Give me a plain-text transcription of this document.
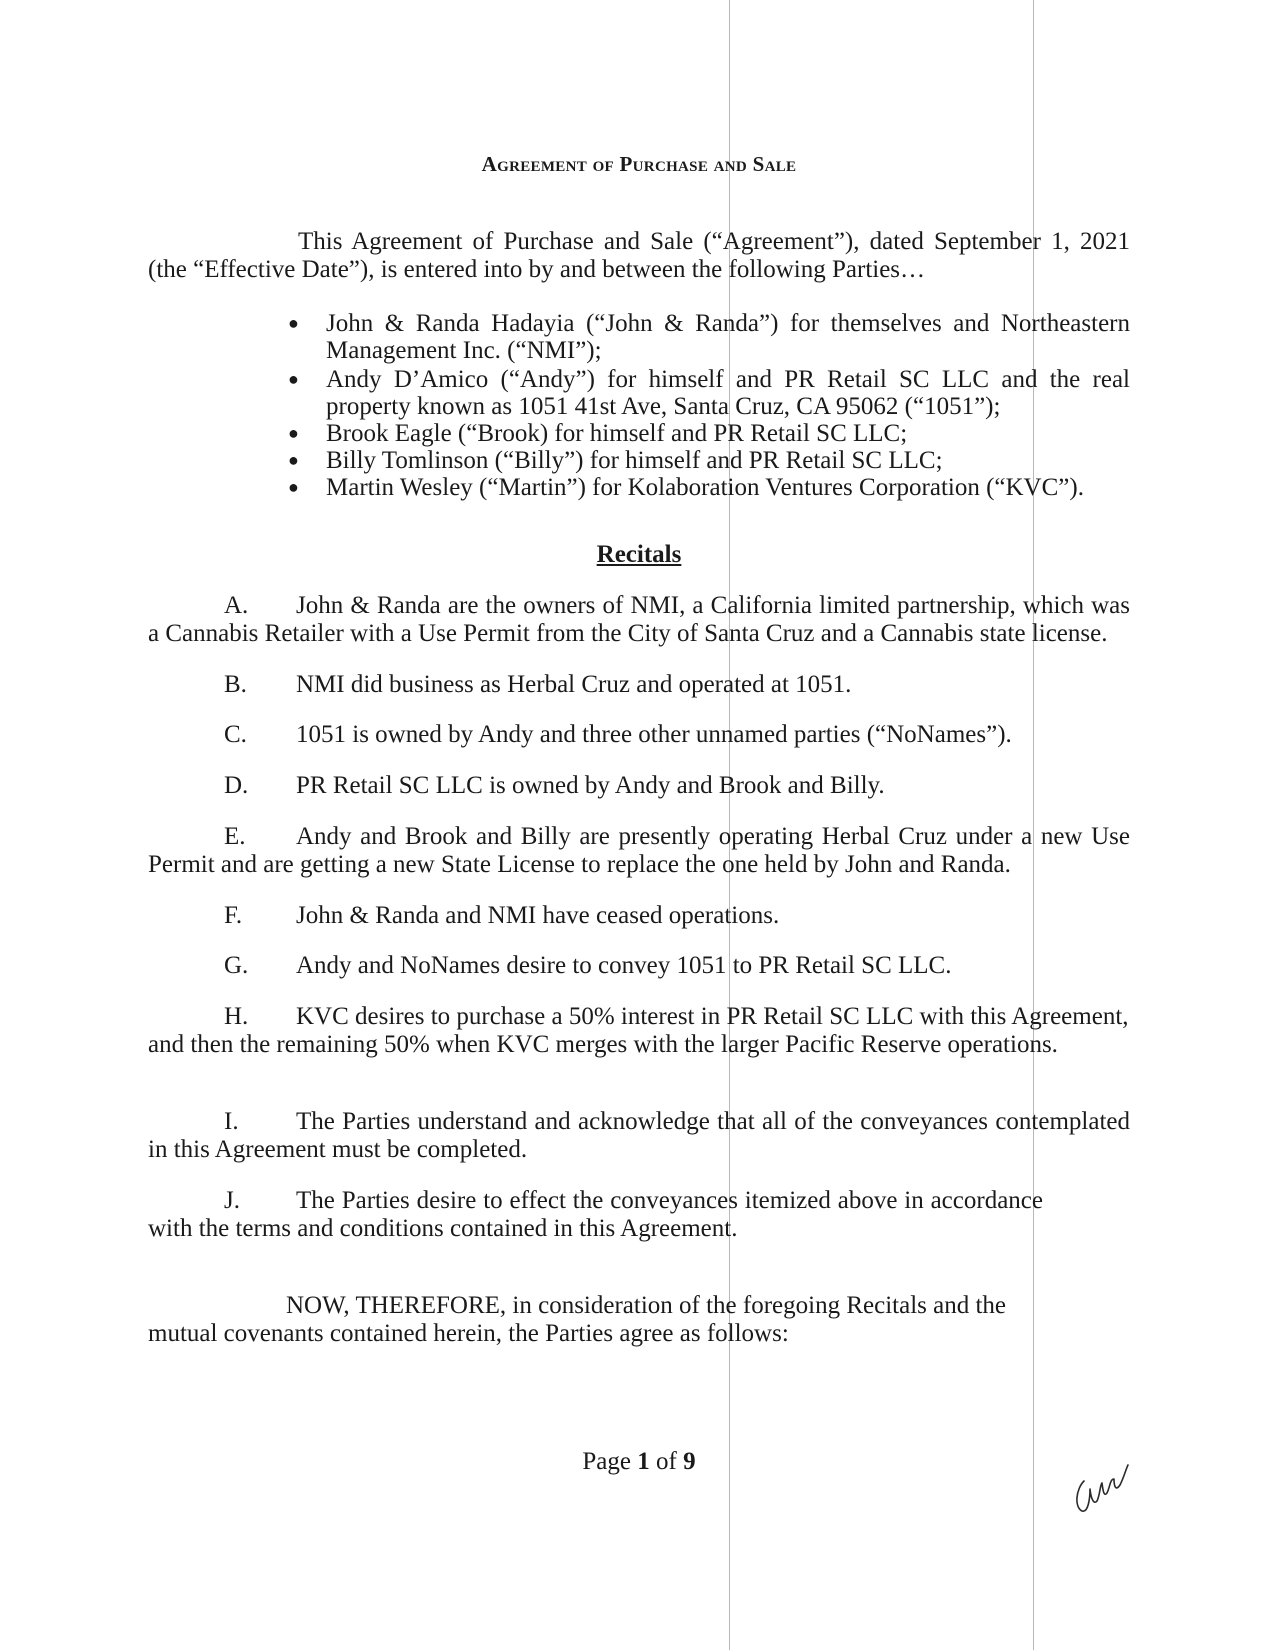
Agreement of Purchase and Sale

This Agreement of Purchase and Sale (“Agreement”), dated September 1, 2021 (the “Effective Date”), is entered into by and between the following Parties…

● John & Randa Hadayia (“John & Randa”) for themselves and Northeastern Management Inc. (“NMI”);
● Andy D’Amico (“Andy”) for himself and PR Retail SC LLC and the real property known as 1051 41st Ave, Santa Cruz, CA 95062 (“1051”);
● Brook Eagle (“Brook) for himself and PR Retail SC LLC;
● Billy Tomlinson (“Billy”) for himself and PR Retail SC LLC;
● Martin Wesley (“Martin”) for Kolaboration Ventures Corporation (“KVC”).
Recitals

A. John & Randa are the owners of NMI, a California limited partnership, which was a Cannabis Retailer with a Use Permit from the City of Santa Cruz and a Cannabis state license.

B. NMI did business as Herbal Cruz and operated at 1051.

C. 1051 is owned by Andy and three other unnamed parties (“NoNames”).

D. PR Retail SC LLC is owned by Andy and Brook and Billy.

E. Andy and Brook and Billy are presently operating Herbal Cruz under a new Use Permit and are getting a new State License to replace the one held by John and Randa.

F. John & Randa and NMI have ceased operations.

G. Andy and NoNames desire to convey 1051 to PR Retail SC LLC.

H. KVC desires to purchase a 50% interest in PR Retail SC LLC with this Agreement, and then the remaining 50% when KVC merges with the larger Pacific Reserve operations.

I. The Parties understand and acknowledge that all of the conveyances contemplated in this Agreement must be completed.

J. The Parties desire to effect the conveyances itemized above in accordance with the terms and conditions contained in this Agreement.

NOW, THEREFORE, in consideration of the foregoing Recitals and the mutual covenants contained herein, the Parties agree as follows:

Page 1 of 9
